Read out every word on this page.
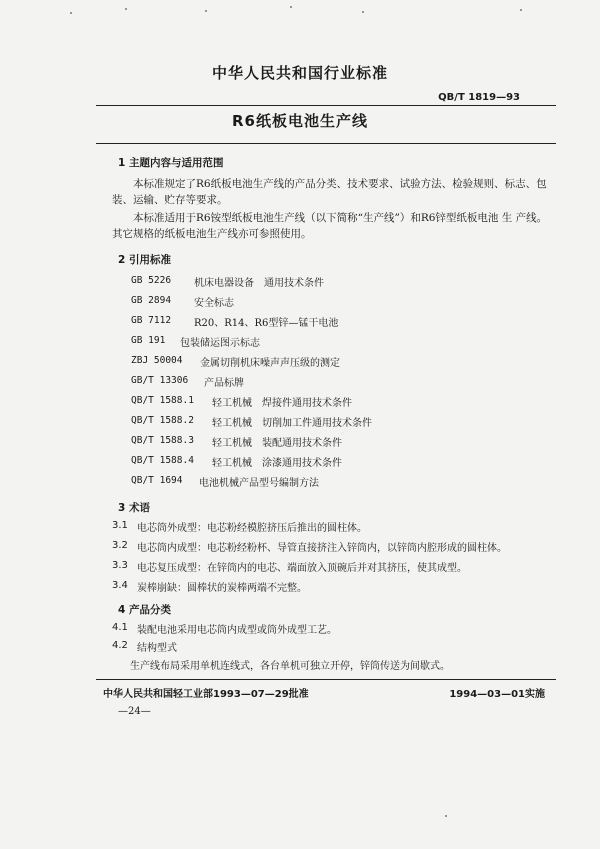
中华人民共和国行业标准
QB/T 1819—93
R6纸板电池生产线
1 主题内容与适用范围
本标准规定了R6纸板电池生产线的产品分类、技术要求、试验方法、检验规则、标志、包装、运输、贮存等要求。
本标准适用于R6铵型纸板电池生产线（以下简称“生产线”）和R6锌型纸板电池 生 产线。其它规格的纸板电池生产线亦可参照使用。
2 引用标准
GB 5226	机床电器设备　通用技术条件
GB 2894	安全标志
GB 7112	R20、R14、R6型锌—锰干电池
GB 191	包装储运图示标志
ZBJ 50004	金属切削机床噪声声压级的测定
GB/T 13306	产品标牌
QB/T 1588.1	轻工机械　焊接件通用技术条件
QB/T 1588.2	轻工机械　切削加工件通用技术条件
QB/T 1588.3	轻工机械　装配通用技术条件
QB/T 1588.4	轻工机械　涂漆通用技术条件
QB/T 1694	电池机械产品型号编制方法
3 术语
3.1 电芯筒外成型：电芯粉经模腔挤压后推出的圆柱体。
3.2 电芯筒内成型：电芯粉经粉杯、导管直接挤注入锌筒内，以锌筒内腔形成的圆柱体。
3.3 电芯复压成型：在锌筒内的电芯、端面放入顶碗后并对其挤压，使其成型。
3.4 炭棒崩缺：圆棒状的炭棒两端不完整。
4 产品分类
4.1 装配电池采用电芯筒内成型或筒外成型工艺。
4.2 结构型式
生产线布局采用单机连线式，各台单机可独立开停，锌筒传送为间歇式。
中华人民共和国轻工业部1993—07—29批准	1994—03—01实施
—24—
